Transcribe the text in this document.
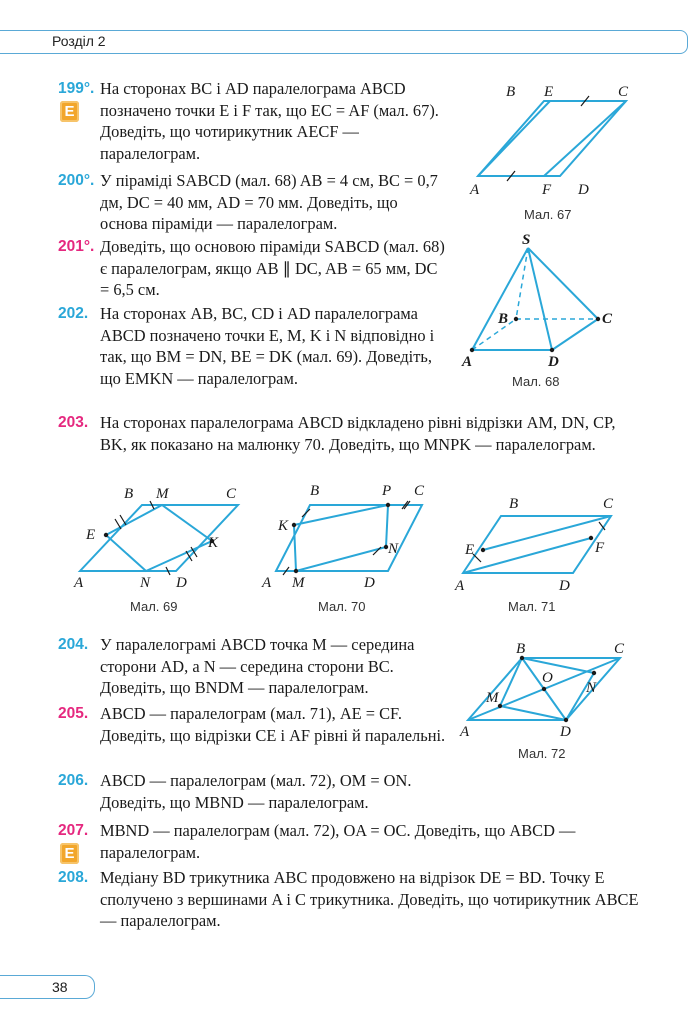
Розділ 2
199°. На сторонах BC і AD паралелограма ABCD позначено точки E і F так, що EC = AF (мал. 67). Доведіть, що чотирикутник AECF — паралелограм.
Е
200°. У піраміді SABCD (мал. 68) AB = 4 см, BC = 0,7 дм, DC = 40 мм, AD = 70 мм. Доведіть, що основа піраміди — паралелограм.
201°. Доведіть, що основою піраміди SABCD (мал. 68) є паралелограм, якщо AB ∥ DC, AB = 65 мм, DC = 6,5 см.
202. На сторонах AB, BC, CD і AD паралелограма ABCD позначено точки E, M, K і N відповідно і так, що BM = DN, BE = DK (мал. 69). Доведіть, що EMKN — паралелограм.
203. На сторонах паралелограма ABCD відкладено рівні відрізки AM, DN, CP, BK, як показано на малюнку 70. Доведіть, що MNPK — паралелограм.
204. У паралелограмі ABCD точка M — середина сторони AD, а N — середина сторони BC. Доведіть, що BNDM — паралелограм.
205. ABCD — паралелограм (мал. 71), AE = CF. Доведіть, що відрізки CE і AF рівні й паралельні.
206. ABCD — паралелограм (мал. 72), OM = ON. Доведіть, що MBND — паралелограм.
207. MBND — паралелограм (мал. 72), OA = OC. Доведіть, що ABCD — паралелограм.
Е
208. Медіану BD трикутника ABC продовжено на відрізок DE = BD. Точку E сполучено з вершинами A і C трикутника. Доведіть, що чотирикутник ABCE — паралелограм.
B E	C
A	F D
Мал. 67
S
B	C
A	D
Мал. 68
B M	C
E	K
A	N D
Мал. 69
B	P C
K
N
A M	D
Мал. 70
B	C
E	F
A	D
Мал. 71
B	C
O
N
M
A	D
Мал. 72
38
